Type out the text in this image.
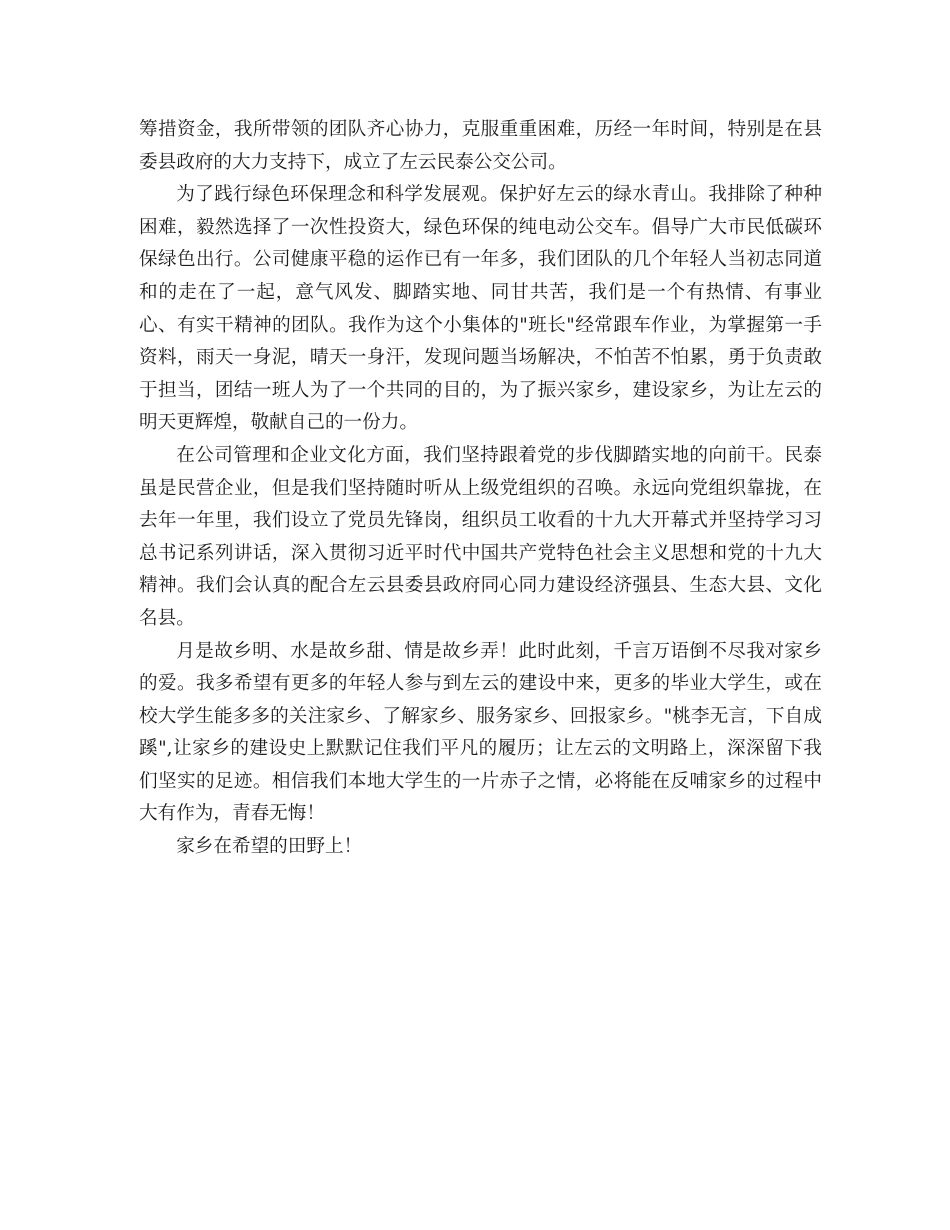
筹措资金，我所带领的团队齐心协力，克服重重困难，历经一年时间，特别是在县委县政府的大力支持下，成立了左云民泰公交公司。

为了践行绿色环保理念和科学发展观。保护好左云的绿水青山。我排除了种种困难，毅然选择了一次性投资大，绿色环保的纯电动公交车。倡导广大市民低碳环保绿色出行。公司健康平稳的运作已有一年多，我们团队的几个年轻人当初志同道和的走在了一起，意气风发、脚踏实地、同甘共苦，我们是一个有热情、有事业心、有实干精神的团队。我作为这个小集体的"班长"经常跟车作业，为掌握第一手资料，雨天一身泥，晴天一身汗，发现问题当场解决，不怕苦不怕累，勇于负责敢于担当，团结一班人为了一个共同的目的，为了振兴家乡，建设家乡，为让左云的明天更辉煌，敬献自己的一份力。

在公司管理和企业文化方面，我们坚持跟着党的步伐脚踏实地的向前干。民泰虽是民营企业，但是我们坚持随时听从上级党组织的召唤。永远向党组织靠拢，在去年一年里，我们设立了党员先锋岗，组织员工收看的十九大开幕式并坚持学习习总书记系列讲话，深入贯彻习近平时代中国共产党特色社会主义思想和党的十九大精神。我们会认真的配合左云县委县政府同心同力建设经济强县、生态大县、文化名县。

月是故乡明、水是故乡甜、情是故乡弄！此时此刻，千言万语倒不尽我对家乡的爱。我多希望有更多的年轻人参与到左云的建设中来，更多的毕业大学生，或在校大学生能多多的关注家乡、了解家乡、服务家乡、回报家乡。"桃李无言，下自成蹊",让家乡的建设史上默默记住我们平凡的履历；让左云的文明路上，深深留下我们坚实的足迹。相信我们本地大学生的一片赤子之情，必将能在反哺家乡的过程中大有作为，青春无悔！

家乡在希望的田野上！
